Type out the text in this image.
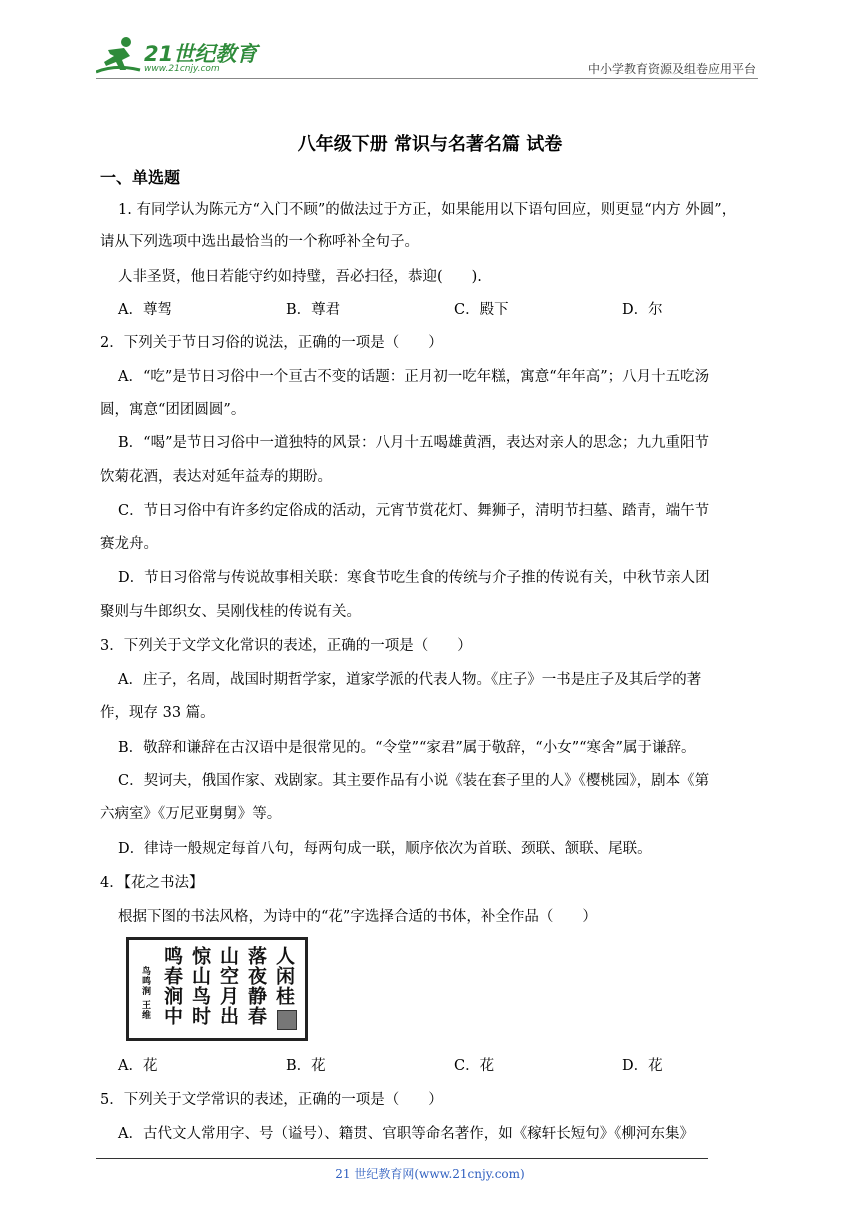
21世纪教育
www.21cnjy.com	中小学教育资源及组卷应用平台
八年级下册 常识与名著名篇 试卷
一、单选题
1. 有同学认为陈元方“入门不顾”的做法过于方正，如果能用以下语句回应，则更显“内方 外圆”，
请从下列选项中选出最恰当的一个称呼补全句子。
人非圣贤，他日若能守约如持璧，吾必扫径，恭迎(　　).
A．尊驾	B．尊君	C．殿下	D．尔
2．下列关于节日习俗的说法，正确的一项是（　　）
A．“吃”是节日习俗中一个亘古不变的话题：正月初一吃年糕，寓意“年年高”；八月十五吃汤
圆，寓意“团团圆圆”。
B．“喝”是节日习俗中一道独特的风景：八月十五喝雄黄酒，表达对亲人的思念；九九重阳节
饮菊花酒，表达对延年益寿的期盼。
C．节日习俗中有许多约定俗成的活动，元宵节赏花灯、舞狮子，清明节扫墓、踏青，端午节
赛龙舟。
D．节日习俗常与传说故事相关联：寒食节吃生食的传统与介子推的传说有关，中秋节亲人团
聚则与牛郎织女、吴刚伐桂的传说有关。
3．下列关于文学文化常识的表述，正确的一项是（　　）
A．庄子，名周，战国时期哲学家，道家学派的代表人物。《庄子》一书是庄子及其后学的著
作，现存 33 篇。
B．敬辞和谦辞在古汉语中是很常见的。“令堂”“家君”属于敬辞，“小女”“寒舍”属于谦辞。
C．契诃夫，俄国作家、戏剧家。其主要作品有小说《装在套子里的人》《樱桃园》，剧本《第
六病室》《万尼亚舅舅》等。
D．律诗一般规定每首八句，每两句成一联，顺序依次为首联、颈联、颔联、尾联。
4．【花之书法】
根据下图的书法风格，为诗中的“花”字选择合适的书体，补全作品（　　）
鸟鸣涧 王维 鸣春涧中 惊山鸟时 山空月出 落夜静春 人闲桂
A．花	B．花	C．花	D．花
5．下列关于文学常识的表述，正确的一项是（　　）
A．古代文人常用字、号（谥号）、籍贯、官职等命名著作，如《稼轩长短句》《柳河东集》
21 世纪教育网(www.21cnjy.com)
